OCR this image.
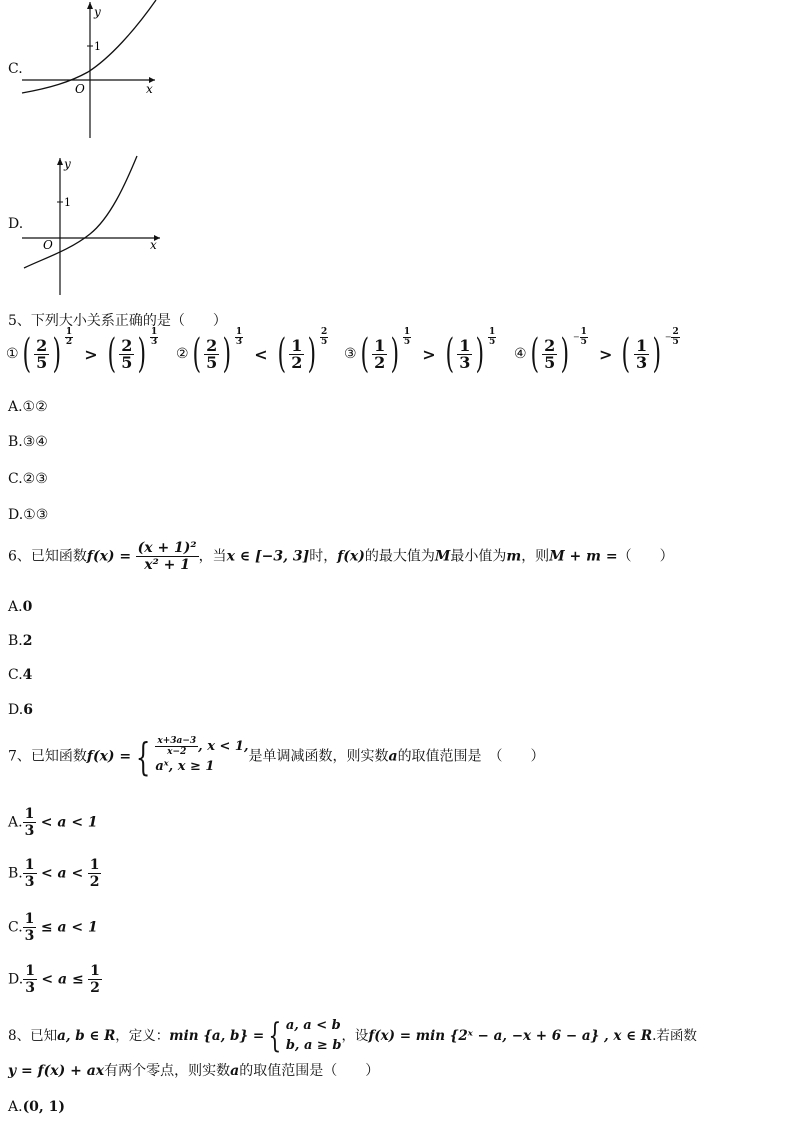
C.
y
1
O	x
D.
y
1
O	x
5、下列大小关系正确的是（　　）
①( $\frac{2}{5}$ ) $\frac{1}{2}$
> ( $\frac{2}{5}$ ) $\frac{1}{3}$
②( $\frac{2}{5}$ ) $\frac{1}{3}$
< ( $\frac{1}{2}$ ) $\frac{2}{5}$
③( $\frac{1}{2}$ ) $\frac{1}{5}$
> ( $\frac{1}{3}$ ) $\frac{1}{5}$
④( $\frac{2}{5}$ ) − $\frac{1}{5}$
> ( $\frac{1}{3}$ ) − $\frac{2}{5}$
A.①②
B.③④
C.②③
D.①③
6、已知函数$f(x) = \frac{\text{(x + 1)²}}{\text{x² + 1}}$ ，当x ∈ [−3, 3]时，f(x)的最大值为M最小值为m，则M + m =（　　）
A.0
B.2
C.4
D.6
7、已知函数f(x) = { $\frac{x+3a-3}{x-2}$ , x < 1,
aˣ, x ≥ 1
是单调减函数，则实数a的取值范围是　（　　）
A. $\frac{1}{3} < a < 1$
B. $\frac{1}{3} < a < \frac{1}{2}$
C. $\frac{1}{3} \le a < 1$
D. $\frac{1}{3} < a \le \frac{1}{2}$
8、已知a, b ∈ R，定义：min {a, b} = { a, a < b
b, a ≥ b
，设f(x) = min {2ˣ − a, −x + 6 − a} , x ∈ R.若函数
y = f(x) + ax有两个零点，则实数a的取值范围是（　　）
A.(0, 1)
